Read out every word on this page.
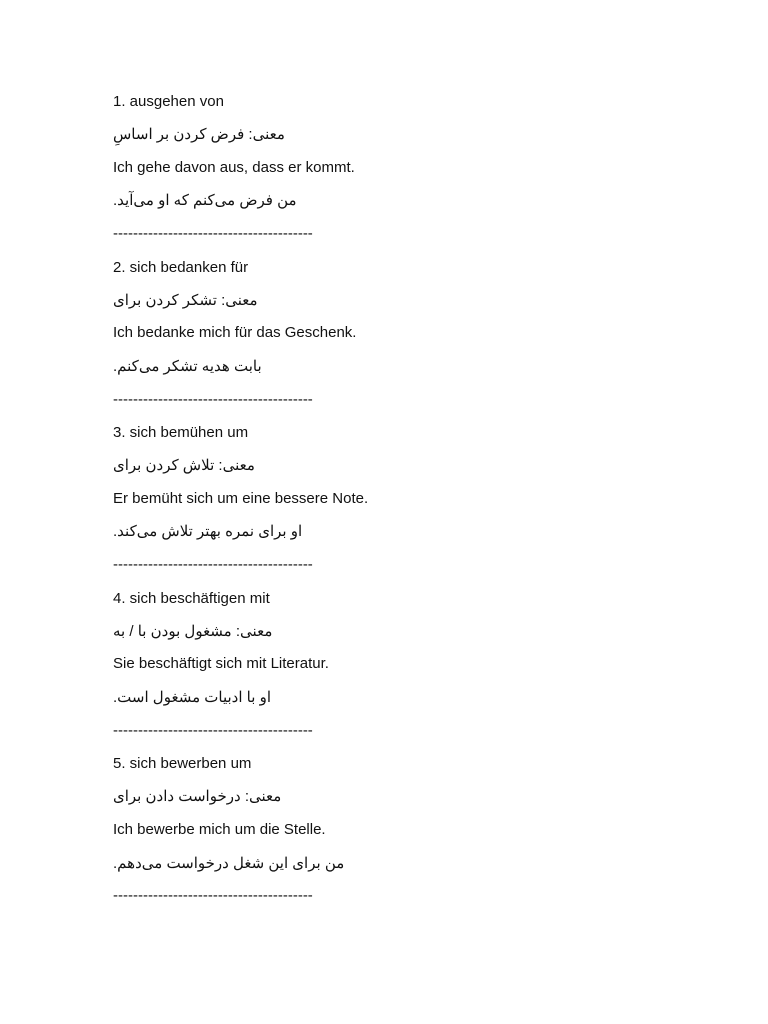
1. ausgehen von
معنی: فرض کردن بر اساسِ
Ich gehe davon aus, dass er kommt.
.من فرض می‌کنم که او می‌آید
----------------------------------------
2. sich bedanken für
معنی: تشکر کردن برای
Ich bedanke mich für das Geschenk.
.بابت هدیه تشکر می‌کنم
----------------------------------------
3. sich bemühen um
معنی: تلاش کردن برای
Er bemüht sich um eine bessere Note.
.او برای نمره بهتر تلاش می‌کند
----------------------------------------
4. sich beschäftigen mit
معنی: مشغول بودن با / به
Sie beschäftigt sich mit Literatur.
.او با ادبیات مشغول است
----------------------------------------
5. sich bewerben um
معنی: درخواست دادن برای
Ich bewerbe mich um die Stelle.
.من برای این شغل درخواست می‌دهم
----------------------------------------
